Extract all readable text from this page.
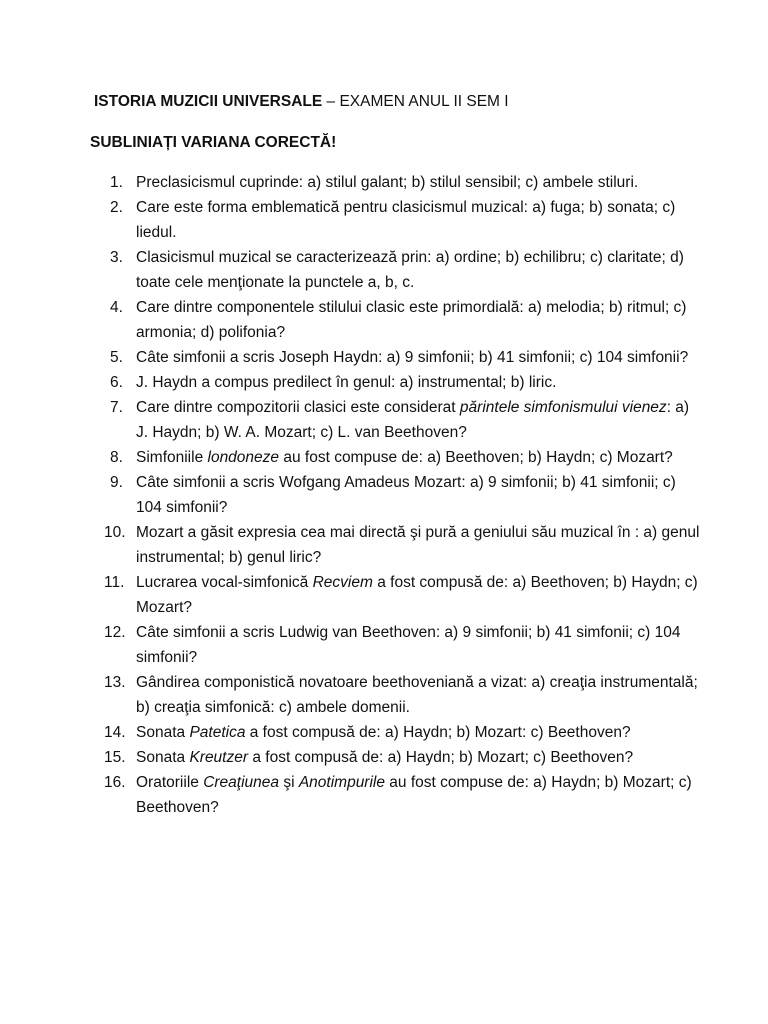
ISTORIA MUZICII UNIVERSALE – EXAMEN ANUL II SEM I

SUBLINIAȚI VARIANA CORECTĂ!

1. Preclasicismul cuprinde: a) stilul galant; b) stilul sensibil; c) ambele stiluri.
2. Care este forma emblematică pentru clasicismul muzical: a) fuga; b) sonata; c) liedul.
3. Clasicismul muzical se caracterizează prin: a) ordine; b) echilibru; c) claritate; d) toate cele menţionate la punctele a, b, c.
4. Care dintre componentele stilului clasic este primordială: a) melodia; b) ritmul; c) armonia; d) polifonia?
5. Câte simfonii a scris Joseph Haydn: a) 9 simfonii; b) 41 simfonii; c) 104 simfonii?
6. J. Haydn a compus predilect în genul: a) instrumental; b) liric.
7. Care dintre compozitorii clasici este considerat părintele simfonismului vienez: a) J. Haydn; b) W. A. Mozart; c) L. van Beethoven?
8. Simfoniile londoneze au fost compuse de: a) Beethoven; b) Haydn; c) Mozart?
9. Câte simfonii a scris Wofgang Amadeus Mozart: a) 9 simfonii; b) 41 simfonii; c) 104 simfonii?
10. Mozart a găsit expresia cea mai directă şi pură a geniului său muzical în : a) genul instrumental; b) genul liric?
11. Lucrarea vocal-simfonică Recviem a fost compusă de: a) Beethoven; b) Haydn; c) Mozart?
12. Câte simfonii a scris Ludwig van Beethoven: a) 9 simfonii; b) 41 simfonii; c) 104 simfonii?
13. Gândirea componistică novatoare beethoveniană a vizat: a) creaţia instrumentală; b) creaţia simfonică: c) ambele domenii.
14. Sonata Patetica a fost compusă de: a) Haydn; b) Mozart: c) Beethoven?
15. Sonata Kreutzer a fost compusă de: a) Haydn; b) Mozart; c) Beethoven?
16. Oratoriile Creaţiunea şi Anotimpurile au fost compuse de: a) Haydn; b) Mozart; c) Beethoven?
